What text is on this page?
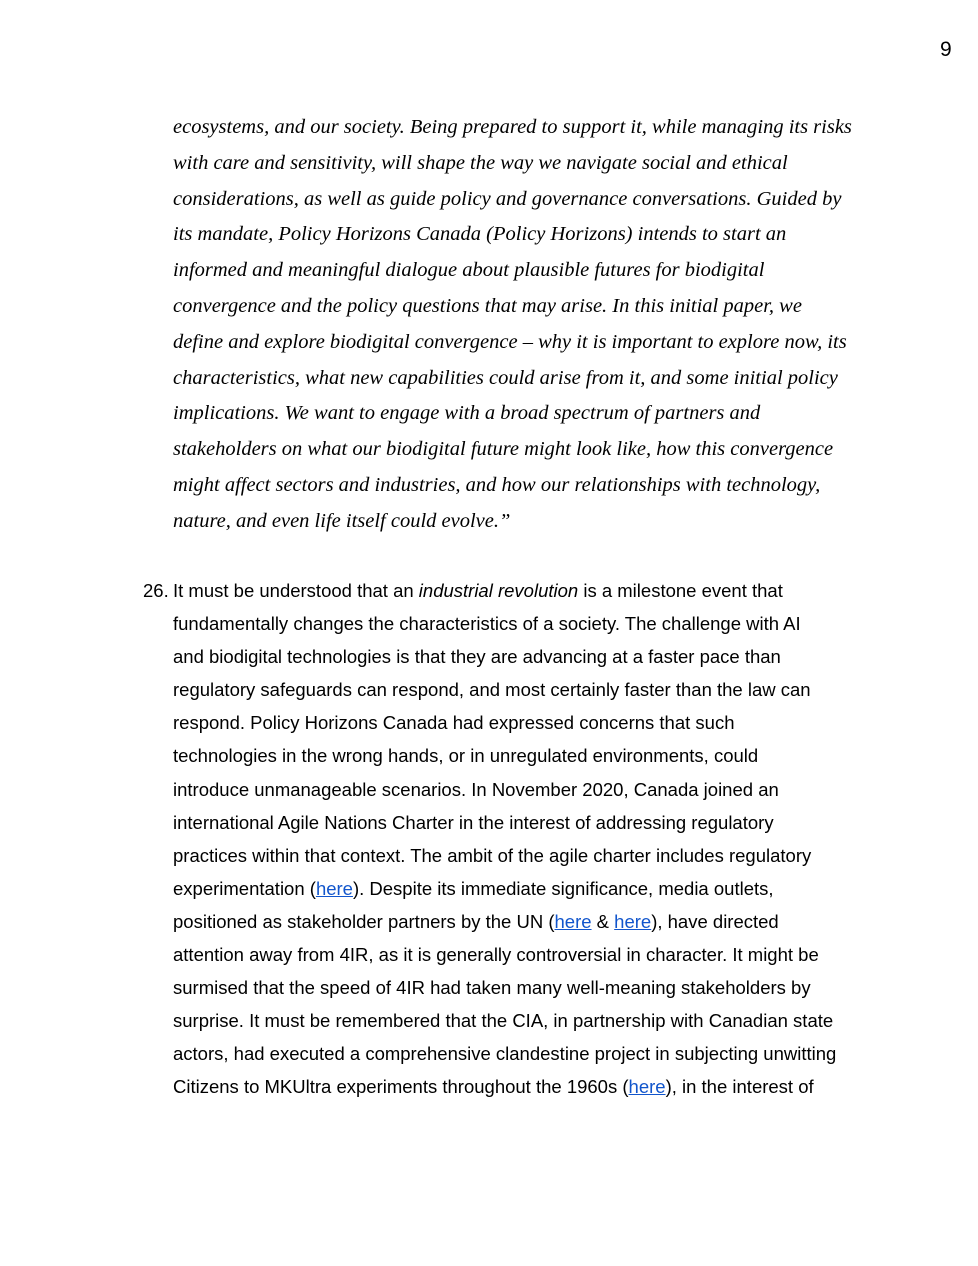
9
ecosystems, and our society. Being prepared to support it, while managing its risks
with care and sensitivity, will shape the way we navigate social and ethical
considerations, as well as guide policy and governance conversations. Guided by
its mandate, Policy Horizons Canada (Policy Horizons) intends to start an
informed and meaningful dialogue about plausible futures for biodigital
convergence and the policy questions that may arise. In this initial paper, we
define and explore biodigital convergence – why it is important to explore now, its
characteristics, what new capabilities could arise from it, and some initial policy
implications. We want to engage with a broad spectrum of partners and
stakeholders on what our biodigital future might look like, how this convergence
might affect sectors and industries, and how our relationships with technology,
nature, and even life itself could evolve.”
26. It must be understood that an industrial revolution is a milestone event that
fundamentally changes the characteristics of a society. The challenge with AI
and biodigital technologies is that they are advancing at a faster pace than
regulatory safeguards can respond, and most certainly faster than the law can
respond. Policy Horizons Canada had expressed concerns that such
technologies in the wrong hands, or in unregulated environments, could
introduce unmanageable scenarios. In November 2020, Canada joined an
international Agile Nations Charter in the interest of addressing regulatory
practices within that context. The ambit of the agile charter includes regulatory
experimentation (here). Despite its immediate significance, media outlets,
positioned as stakeholder partners by the UN (here & here), have directed
attention away from 4IR, as it is generally controversial in character. It might be
surmised that the speed of 4IR had taken many well-meaning stakeholders by
surprise. It must be remembered that the CIA, in partnership with Canadian state
actors, had executed a comprehensive clandestine project in subjecting unwitting
Citizens to MKUltra experiments throughout the 1960s (here), in the interest of
